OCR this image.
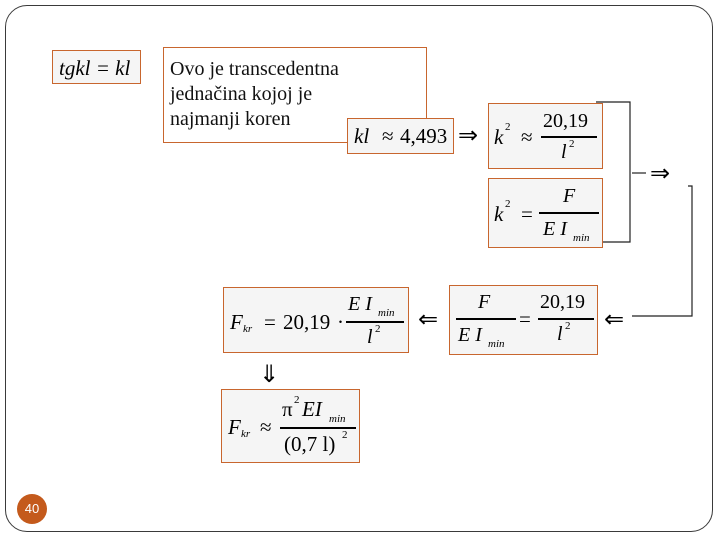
tgkl = kl Ovo je transcedentna
jednačina kojoj je
najmanji koren
kl ≈ 4,493 ⇒ k 2 ≈
20,19
l 2
⇒
k 2 =
F
E I min
F
E I min
=
20,19
l 2 ⇐
⇐
F kr = 20,19 ·
E I min
l 2
⇓
F kr ≈
π 2 EI min
(0,7 l) 2
40
